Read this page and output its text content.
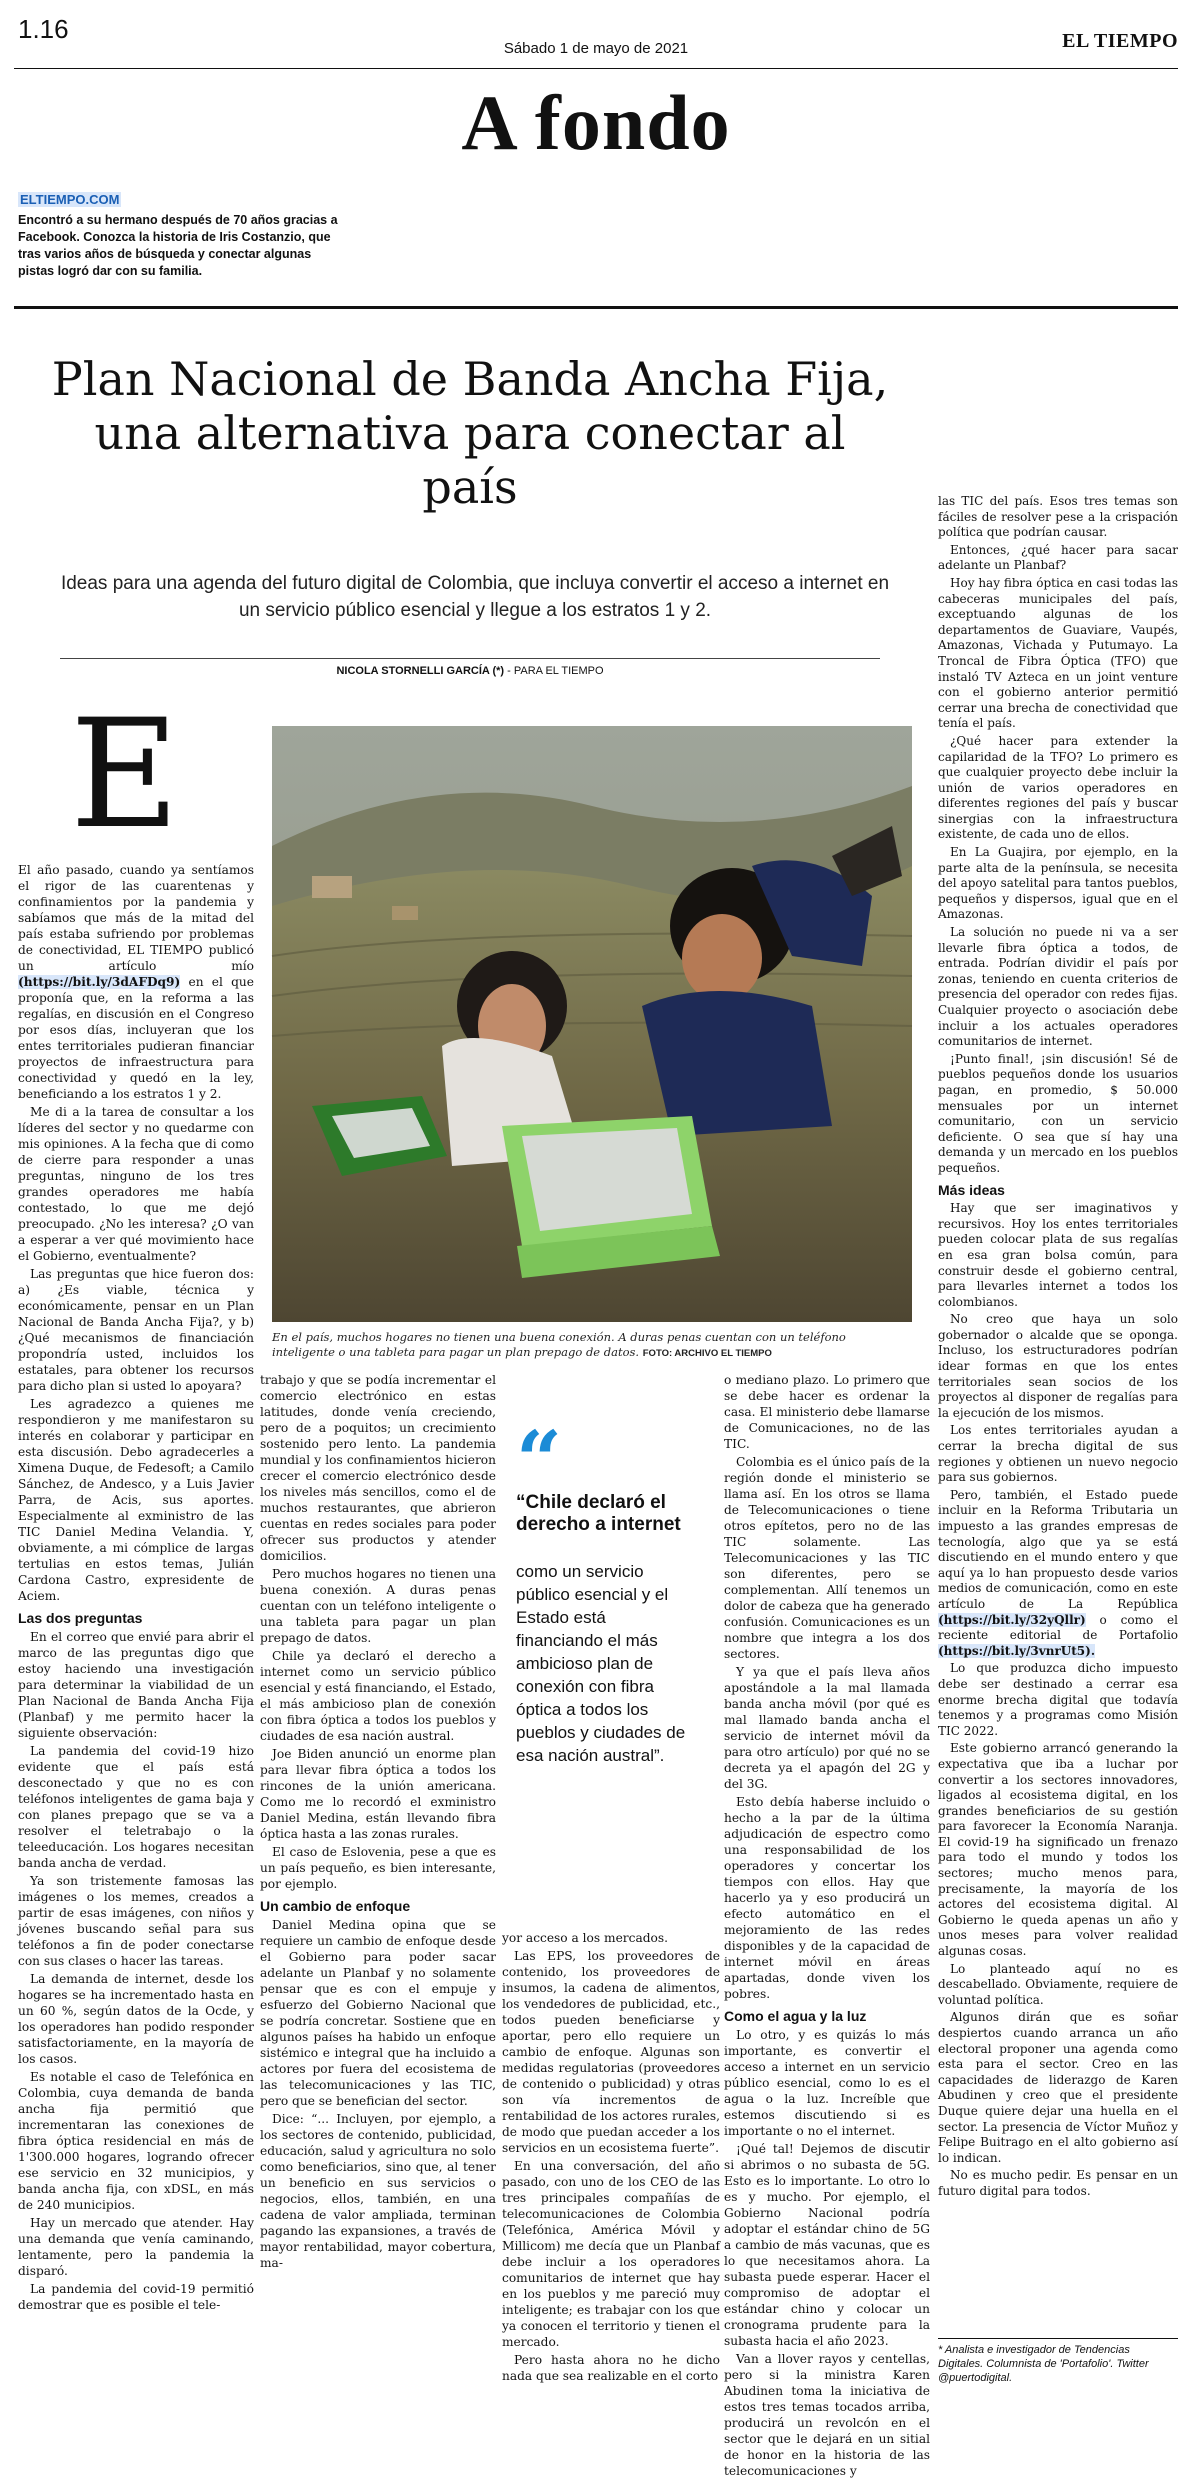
1.16
Sábado 1 de mayo de 2021	EL TIEMPO
A fondo
ELTIEMPO.COM
Encontró a su hermano después de 70 años gracias a Facebook. Conozca la historia de Iris Costanzio, que tras varios años de búsqueda y conectar algunas pistas logró dar con su familia.
Plan Nacional de Banda Ancha Fija, una alternativa para conectar al país
Ideas para una agenda del futuro digital de Colombia, que incluya convertir el acceso a internet en un servicio público esencial y llegue a los estratos 1 y 2.
NICOLA STORNELLI GARCÍA (*) - PARA EL TIEMPO
E

El año pasado, cuando ya sentíamos el rigor de las cuarentenas y confinamientos por la pandemia y sabíamos que más de la mitad del país estaba sufriendo por problemas de conectividad, EL TIEMPO publicó un artículo mío (https://bit.ly/3dAFDq9) en el que proponía que, en la reforma a las regalías, en discusión en el Congreso por esos días, incluyeran que los entes territoriales pudieran financiar proyectos de infraestructura para conectividad y quedó en la ley, beneficiando a los estratos 1 y 2.

Me di a la tarea de consultar a los líderes del sector y no quedarme con mis opiniones. A la fecha que di como de cierre para responder a unas preguntas, ninguno de los tres grandes operadores me había contestado, lo que me dejó preocupado. ¿No les interesa? ¿O van a esperar a ver qué movimiento hace el Gobierno, eventualmente?

Las preguntas que hice fueron dos: a) ¿Es viable, técnica y económicamente, pensar en un Plan Nacional de Banda Ancha Fija?, y b) ¿Qué mecanismos de financiación propondría usted, incluidos los estatales, para obtener los recursos para dicho plan si usted lo apoyara?

Les agradezco a quienes me respondieron y me manifestaron su interés en colaborar y participar en esta discusión. Debo agradecerles a Ximena Duque, de Fedesoft; a Camilo Sánchez, de Andesco, y a Luis Javier Parra, de Acis, sus aportes. Especialmente al exministro de las TIC Daniel Medina Velandia. Y, obviamente, a mi cómplice de largas tertulias en estos temas, Julián Cardona Castro, expresidente de Aciem.

Las dos preguntas

En el correo que envié para abrir el marco de las preguntas digo que estoy haciendo una investigación para determinar la viabilidad de un Plan Nacional de Banda Ancha Fija (Planbaf) y me permito hacer la siguiente observación:

La pandemia del covid-19 hizo evidente que el país está desconectado y que no es con teléfonos inteligentes de gama baja y con planes prepago que se va a resolver el teletrabajo o la teleeducación. Los hogares necesitan banda ancha de verdad.

Ya son tristemente famosas las imágenes o los memes, creados a partir de esas imágenes, con niños y jóvenes buscando señal para sus teléfonos a fin de poder conectarse con sus clases o hacer las tareas.

La demanda de internet, desde los hogares se ha incrementado hasta en un 60 %, según datos de la Ocde, y los operadores han podido responder satisfactoriamente, en la mayoría de los casos.

Es notable el caso de Telefónica en Colombia, cuya demanda de banda ancha fija permitió que incrementaran las conexiones de fibra óptica residencial en más de 1'300.000 hogares, logrando ofrecer ese servicio en 32 municipios, y banda ancha fija, con xDSL, en más de 240 municipios.

Hay un mercado que atender. Hay una demanda que venía caminando, lentamente, pero la pandemia la disparó.

La pandemia del covid-19 permitió demostrar que es posible el tele-

En el país, muchos hogares no tienen una buena conexión. A duras penas cuentan con un teléfono inteligente o una tableta para pagar un plan prepago de datos. FOTO: ARCHIVO EL TIEMPO

trabajo y que se podía incrementar el comercio electrónico en estas latitudes, donde venía creciendo, pero de a poquitos; un crecimiento sostenido pero lento. La pandemia mundial y los confinamientos hicieron crecer el comercio electrónico desde los niveles más sencillos, como el de muchos restaurantes, que abrieron cuentas en redes sociales para poder ofrecer sus productos y atender domicilios.

Pero muchos hogares no tienen una buena conexión. A duras penas cuentan con un teléfono inteligente o una tableta para pagar un plan prepago de datos.

Chile ya declaró el derecho a internet como un servicio público esencial y está financiando, el Estado, el más ambicioso plan de conexión con fibra óptica a todos los pueblos y ciudades de esa nación austral.

Joe Biden anunció un enorme plan para llevar fibra óptica a todos los rincones de la unión americana. Como me lo recordó el exministro Daniel Medina, están llevando fibra óptica hasta a las zonas rurales.

El caso de Eslovenia, pese a que es un país pequeño, es bien interesante, por ejemplo.

Un cambio de enfoque

Daniel Medina opina que se requiere un cambio de enfoque desde el Gobierno para poder sacar adelante un Planbaf y no solamente pensar que es con el empuje y esfuerzo del Gobierno Nacional que se podría concretar. Sostiene que en algunos países ha habido un enfoque sistémico e integral que ha incluido a actores por fuera del ecosistema de las telecomunicaciones y las TIC, pero que se benefician del sector.

Dice: “... Incluyen, por ejemplo, a los sectores de contenido, publicidad, educación, salud y agricultura no solo como beneficiarios, sino que, al tener un beneficio en sus servicios o negocios, ellos, también, en una cadena de valor ampliada, terminan pagando las expansiones, a través de mayor rentabilidad, mayor cobertura, ma-

“
“Chile declaró el derecho a internet
como un servicio público esencial y el Estado está financiando el más ambicioso plan de conexión con fibra óptica a todos los pueblos y ciudades de esa nación austral”.

yor acceso a los mercados.

Las EPS, los proveedores de contenido, los proveedores de insumos, la cadena de alimentos, los vendedores de publicidad, etc., todos pueden beneficiarse y aportar, pero ello requiere un cambio de enfoque. Algunas son medidas regulatorias (proveedores de contenido o publicidad) y otras son vía incrementos de rentabilidad de los actores rurales, de modo que puedan acceder a los servicios en un ecosistema fuerte”.

En una conversación, del año pasado, con uno de los CEO de las tres principales compañías de telecomunicaciones de Colombia (Telefónica, América Móvil y Millicom) me decía que un Planbaf debe incluir a los operadores comunitarios de internet que hay en los pueblos y me pareció muy inteligente; es trabajar con los que ya conocen el territorio y tienen el mercado.

Pero hasta ahora no he dicho nada que sea realizable en el corto

o mediano plazo. Lo primero que se debe hacer es ordenar la casa. El ministerio debe llamarse de Comunicaciones, no de las TIC.

Colombia es el único país de la región donde el ministerio se llama así. En los otros se llama de Telecomunicaciones o tiene otros epítetos, pero no de las TIC solamente. Las Telecomunicaciones y las TIC son diferentes, pero se complementan. Allí tenemos un dolor de cabeza que ha generado confusión. Comunicaciones es un nombre que integra a los dos sectores.

Y ya que el país lleva años apostándole a la mal llamada banda ancha móvil (por qué es mal llamado banda ancha el servicio de internet móvil da para otro artículo) por qué no se decreta ya el apagón del 2G y del 3G.

Esto debía haberse incluido o hecho a la par de la última adjudicación de espectro como una responsabilidad de los operadores y concertar los tiempos con ellos. Hay que hacerlo ya y eso producirá un efecto automático en el mejoramiento de las redes disponibles y de la capacidad de internet móvil en áreas apartadas, donde viven los pobres.

Como el agua y la luz

Lo otro, y es quizás lo más importante, es convertir el acceso a internet en un servicio público esencial, como lo es el agua o la luz. Increíble que estemos discutiendo si es importante o no el internet.

¡Qué tal! Dejemos de discutir si abrimos o no subasta de 5G. Esto es lo importante. Lo otro lo es y mucho. Por ejemplo, el Gobierno Nacional podría adoptar el estándar chino de 5G a cambio de más vacunas, que es lo que necesitamos ahora. La subasta puede esperar. Hacer el compromiso de adoptar el estándar chino y colocar un cronograma prudente para la subasta hacia el año 2023.

Van a llover rayos y centellas, pero si la ministra Karen Abudinen toma la iniciativa de estos tres temas tocados arriba, producirá un revolcón en el sector que le dejará en un sitial de honor en la historia de las telecomunicaciones y

las TIC del país. Esos tres temas son fáciles de resolver pese a la crispación política que podrían causar.

Entonces, ¿qué hacer para sacar adelante un Planbaf?

Hoy hay fibra óptica en casi todas las cabeceras municipales del país, exceptuando algunas de los departamentos de Guaviare, Vaupés, Amazonas, Vichada y Putumayo. La Troncal de Fibra Óptica (TFO) que instaló TV Azteca en un joint venture con el gobierno anterior permitió cerrar una brecha de conectividad que tenía el país.

¿Qué hacer para extender la capilaridad de la TFO? Lo primero es que cualquier proyecto debe incluir la unión de varios operadores en diferentes regiones del país y buscar sinergias con la infraestructura existente, de cada uno de ellos.

En La Guajira, por ejemplo, en la parte alta de la península, se necesita del apoyo satelital para tantos pueblos, pequeños y dispersos, igual que en el Amazonas.

La solución no puede ni va a ser llevarle fibra óptica a todos, de entrada. Podrían dividir el país por zonas, teniendo en cuenta criterios de presencia del operador con redes fijas. Cualquier proyecto o asociación debe incluir a los actuales operadores comunitarios de internet.

¡Punto final!, ¡sin discusión! Sé de pueblos pequeños donde los usuarios pagan, en promedio, $ 50.000 mensuales por un internet comunitario, con un servicio deficiente. O sea que sí hay una demanda y un mercado en los pueblos pequeños.

Más ideas

Hay que ser imaginativos y recursivos. Hoy los entes territoriales pueden colocar plata de sus regalías en esa gran bolsa común, para construir desde el gobierno central, para llevarles internet a todos los colombianos.

No creo que haya un solo gobernador o alcalde que se oponga. Incluso, los estructuradores podrían idear formas en que los entes territoriales sean socios de los proyectos al disponer de regalías para la ejecución de los mismos.

Los entes territoriales ayudan a cerrar la brecha digital de sus regiones y obtienen un nuevo negocio para sus gobiernos.

Pero, también, el Estado puede incluir en la Reforma Tributaria un impuesto a las grandes empresas de tecnología, algo que ya se está discutiendo en el mundo entero y que aquí ya lo han propuesto desde varios medios de comunicación, como en este artículo de La República (https://bit.ly/32yQllr) o como el reciente editorial de Portafolio (https://bit.ly/3vnrUt5).

Lo que produzca dicho impuesto debe ser destinado a cerrar esa enorme brecha digital que todavía tenemos y a programas como Misión TIC 2022.

Este gobierno arrancó generando la expectativa que iba a luchar por convertir a los sectores innovadores, ligados al ecosistema digital, en los grandes beneficiarios de su gestión para favorecer la Economía Naranja. El covid-19 ha significado un frenazo para todo el mundo y todos los sectores; mucho menos para, precisamente, la mayoría de los actores del ecosistema digital. Al Gobierno le queda apenas un año y unos meses para volver realidad algunas cosas.

Lo planteado aquí no es descabellado. Obviamente, requiere de voluntad política.

Algunos dirán que es soñar despiertos cuando arranca un año electoral proponer una agenda como esta para el sector. Creo en las capacidades de liderazgo de Karen Abudinen y creo que el presidente Duque quiere dejar una huella en el sector. La presencia de Víctor Muñoz y Felipe Buitrago en el alto gobierno así lo indican.

No es mucho pedir. Es pensar en un futuro digital para todos.

* Analista e investigador de Tendencias Digitales. Columnista de 'Portafolio'. Twitter @puertodigital.
